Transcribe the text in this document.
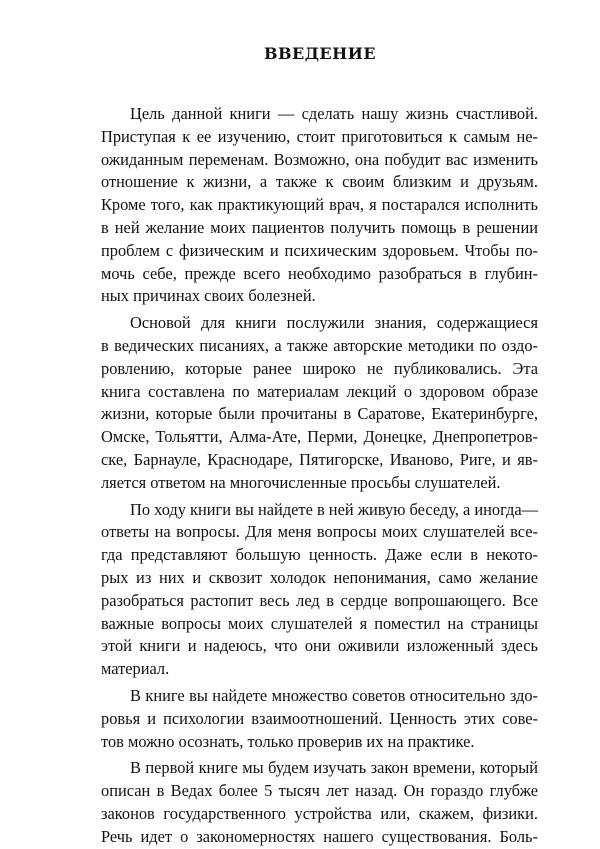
ВВЕДЕНИЕ
Цель данной книги — сделать нашу жизнь счастливой.
Приступая к ее изучению, стоит приготовиться к самым не-
ожиданным переменам. Возможно, она побудит вас изменить
отношение к жизни, а также к своим близким и друзьям.
Кроме того, как практикующий врач, я постарался исполнить
в ней желание моих пациентов получить помощь в решении
проблем с физическим и психическим здоровьем. Чтобы по-
мочь себе, прежде всего необходимо разобраться в глубин-
ных причинах своих болезней.
Основой для книги послужили знания, содержащиеся
в ведических писаниях, а также авторские методики по оздо-
ровлению, которые ранее широко не публиковались. Эта
книга составлена по материалам лекций о здоровом образе
жизни, которые были прочитаны в Саратове, Екатеринбурге,
Омске, Тольятти, Алма-Ате, Перми, Донецке, Днепропетров-
ске, Барнауле, Краснодаре, Пятигорске, Иваново, Риге, и яв-
ляется ответом на многочисленные просьбы слушателей.
По ходу книги вы найдете в ней живую беседу, а иногда—
ответы на вопросы. Для меня вопросы моих слушателей все-
гда представляют большую ценность. Даже если в некото-
рых из них и сквозит холодок непонимания, само желание
разобраться растопит весь лед в сердце вопрошающего. Все
важные вопросы моих слушателей я поместил на страницы
этой книги и надеюсь, что они оживили изложенный здесь
материал.
В книге вы найдете множество советов относительно здо-
ровья и психологии взаимоотношений. Ценность этих сове-
тов можно осознать, только проверив их на практике.
В первой книге мы будем изучать закон времени, который
описан в Ведах более 5 тысяч лет назад. Он гораздо глубже
законов государственного устройства или, скажем, физики.
Речь идет о закономерностях нашего существования. Боль-
